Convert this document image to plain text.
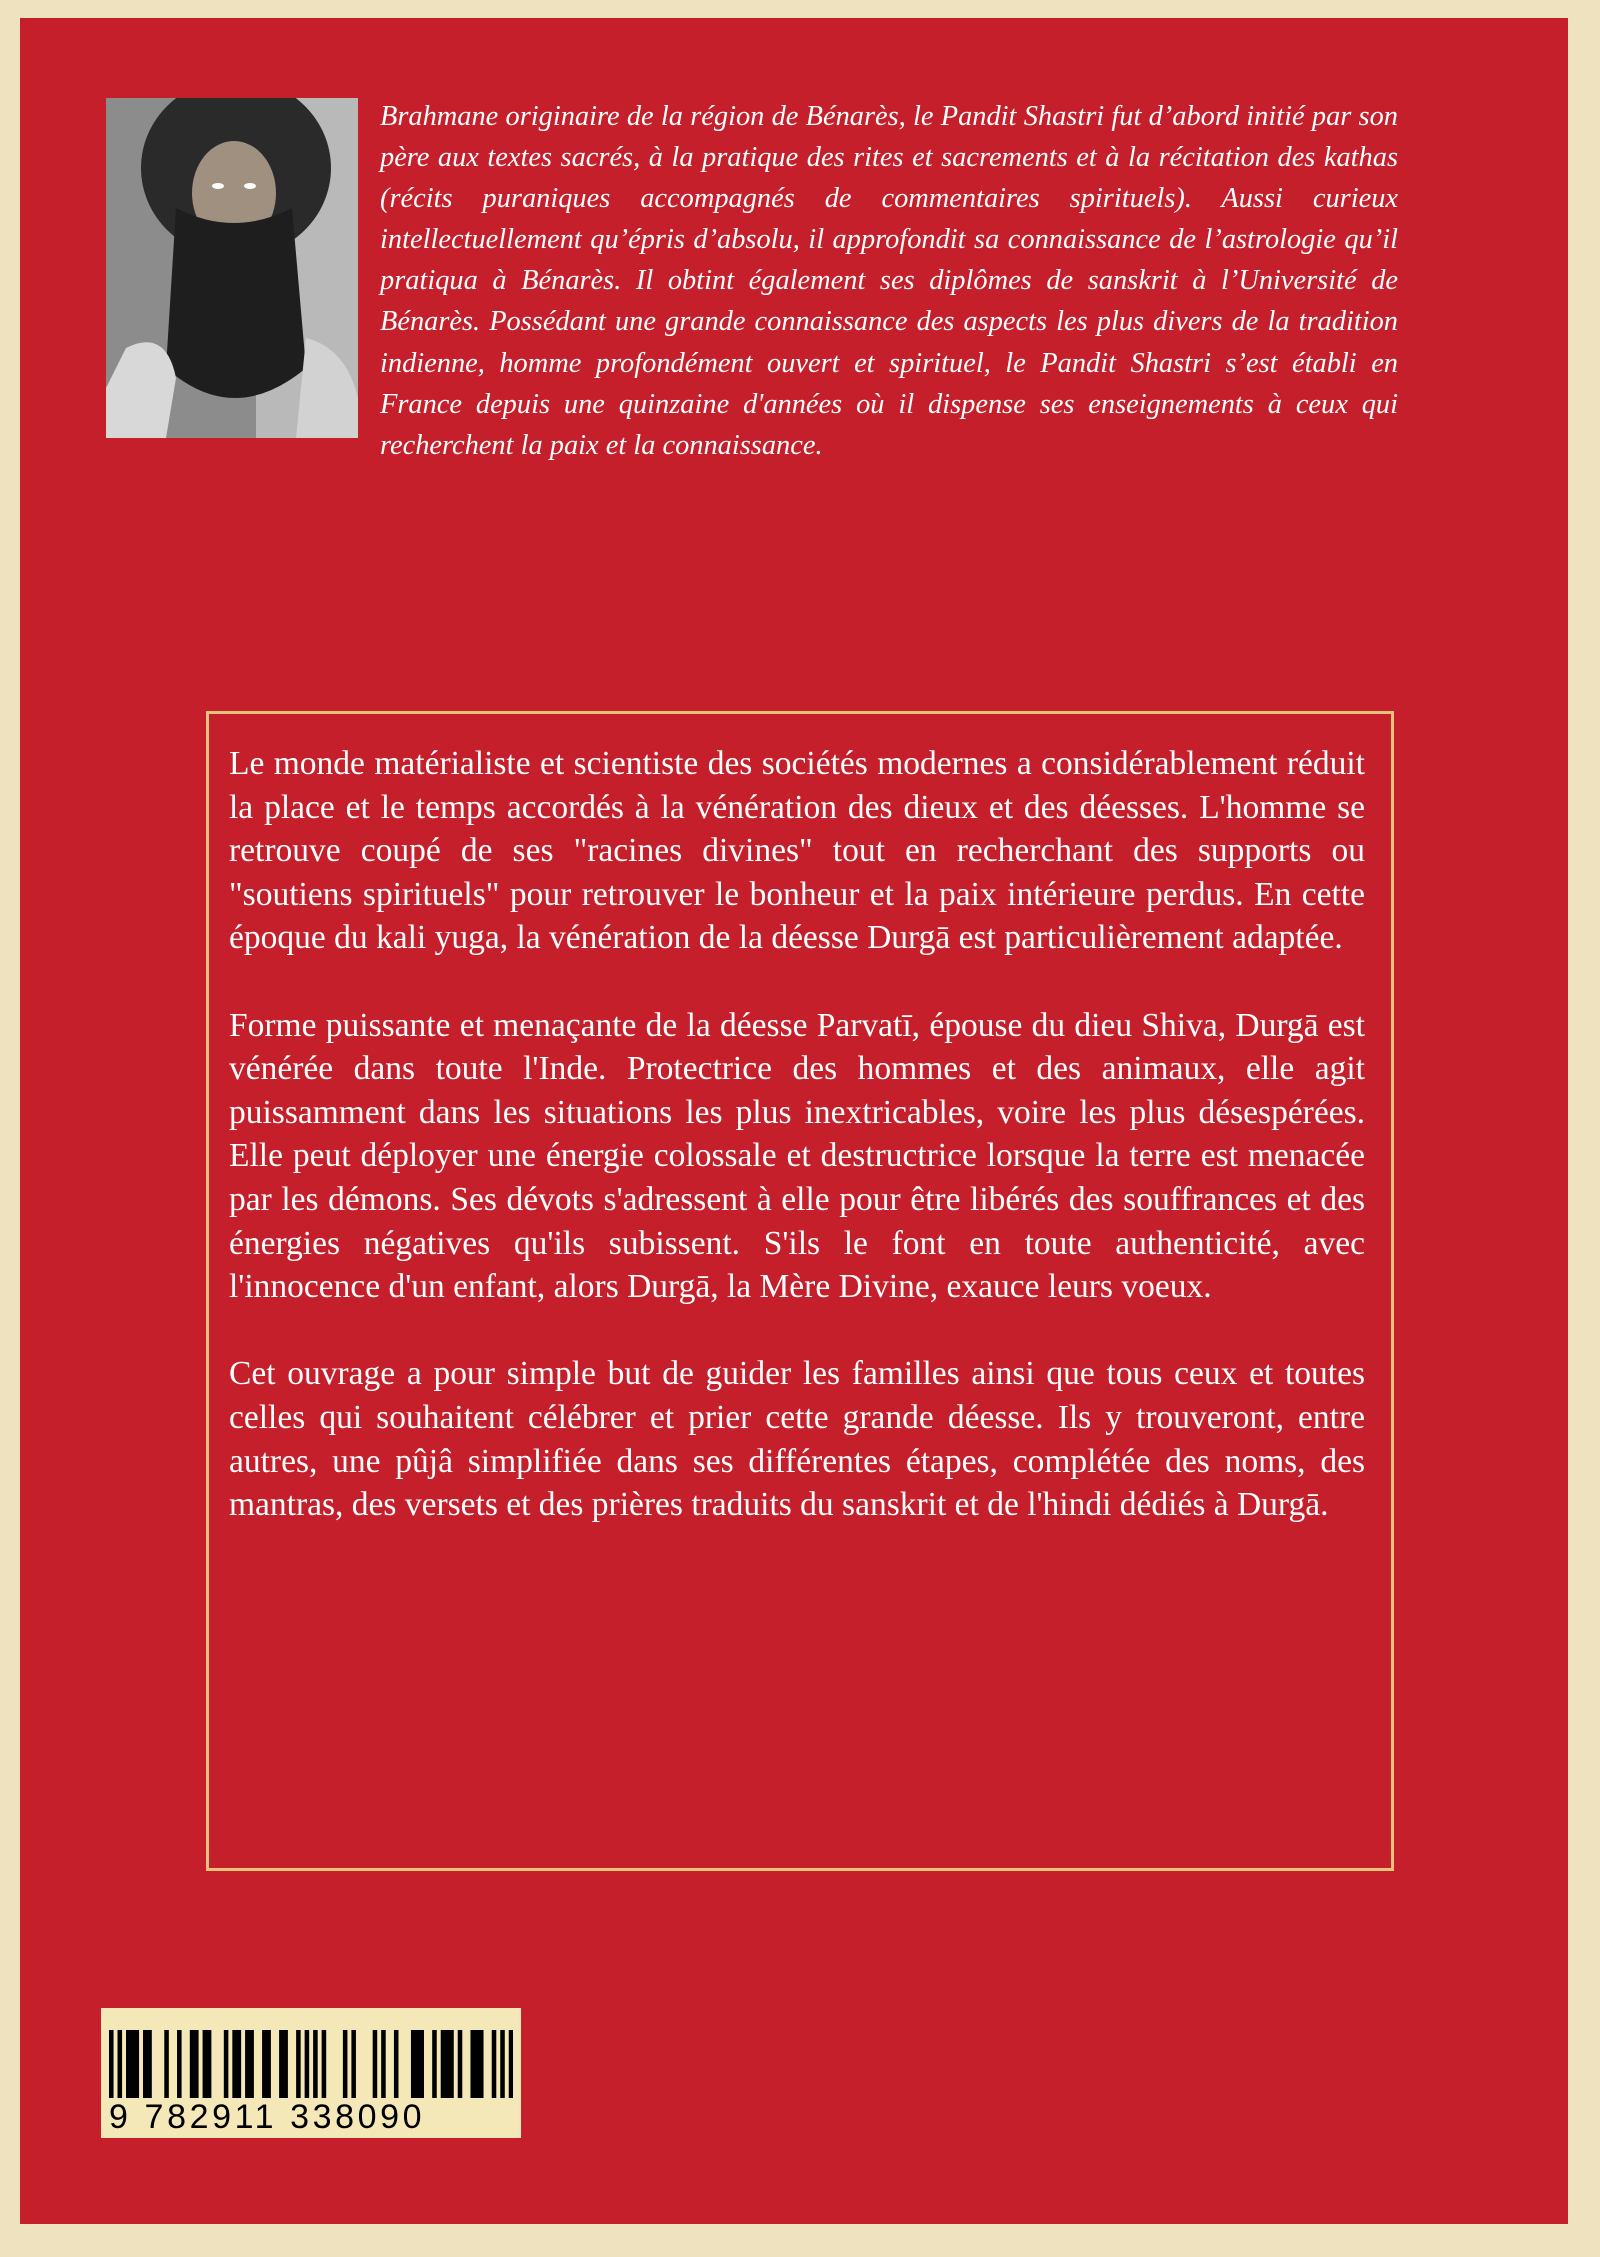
Brahmane originaire de la région de Bénarès, le Pandit Shastri fut d’abord initié par son père aux textes sacrés, à la pratique des rites et sacrements et à la récitation des kathas (récits puraniques accompagnés de commentaires spirituels). Aussi curieux intellectuellement qu’épris d’absolu, il approfondit sa connaissance de l’astrologie qu’il pratiqua à Bénarès. Il obtint également ses diplômes de sanskrit à l’Université de Bénarès. Possédant une grande connaissance des aspects les plus divers de la tradition indienne, homme profondément ouvert et spirituel, le Pandit Shastri s’est établi en France depuis une quinzaine d'années où il dispense ses enseignements à ceux qui recherchent la paix et la connaissance.

Le monde matérialiste et scientiste des sociétés modernes a considérablement réduit la place et le temps accordés à la vénération des dieux et des déesses. L'homme se retrouve coupé de ses "racines divines" tout en recherchant des supports ou "soutiens spirituels" pour retrouver le bonheur et la paix intérieure perdus. En cette époque du kali yuga, la vénération de la déesse Durgā est particulièrement adaptée.

Forme puissante et menaçante de la déesse Parvatī, épouse du dieu Shiva, Durgā est vénérée dans toute l'Inde. Protectrice des hommes et des animaux, elle agit puissamment dans les situations les plus inextricables, voire les plus désespérées. Elle peut déployer une énergie colossale et destructrice lorsque la terre est menacée par les démons. Ses dévots s'adressent à elle pour être libérés des souffrances et des énergies négatives qu'ils subissent. S'ils le font en toute authenticité, avec l'innocence d'un enfant, alors Durgā, la Mère Divine, exauce leurs voeux.

Cet ouvrage a pour simple but de guider les familles ainsi que tous ceux et toutes celles qui souhaitent célébrer et prier cette grande déesse. Ils y trouveront, entre autres, une pûjâ simplifiée dans ses différentes étapes, complétée des noms, des mantras, des versets et des prières traduits du sanskrit et de l'hindi dédiés à Durgā.

9 782911 338090
